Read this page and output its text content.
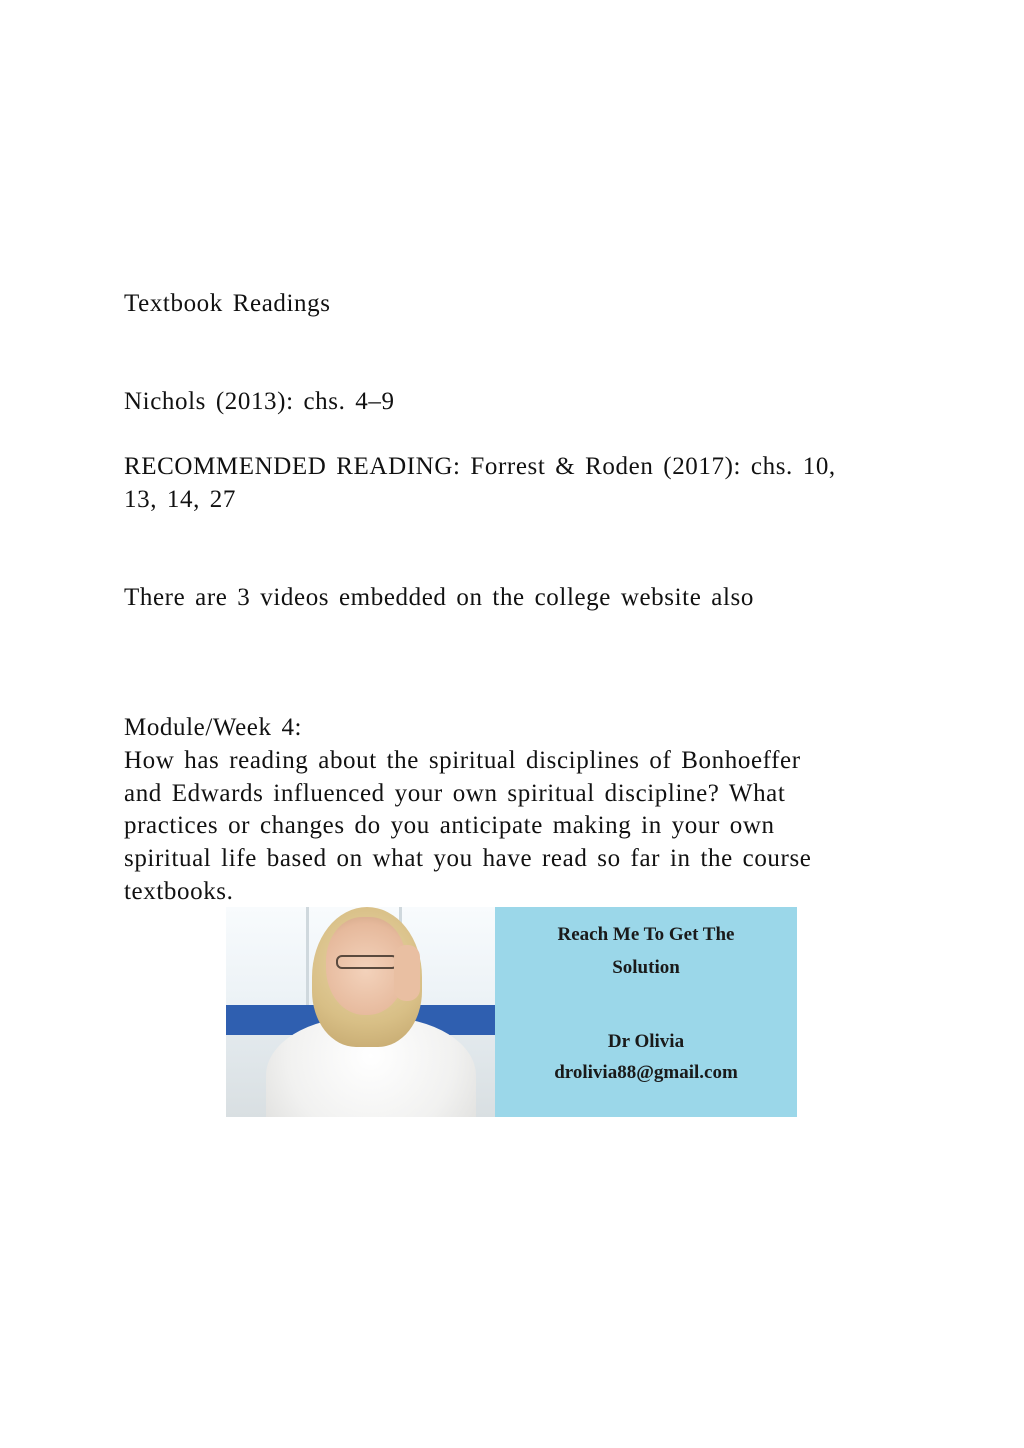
Textbook Readings
Nichols (2013): chs. 4–9
RECOMMENDED READING: Forrest & Roden (2017): chs. 10,
13, 14, 27
There are 3 videos embedded on the college website also
Module/Week 4:
How has reading about the spiritual disciplines of Bonhoeffer
and Edwards influenced your own spiritual discipline? What
practices or changes do you anticipate making in your own
spiritual life based on what you have read so far in the course
textbooks.
Reach Me To Get The
Solution
Dr Olivia
drolivia88@gmail.com
